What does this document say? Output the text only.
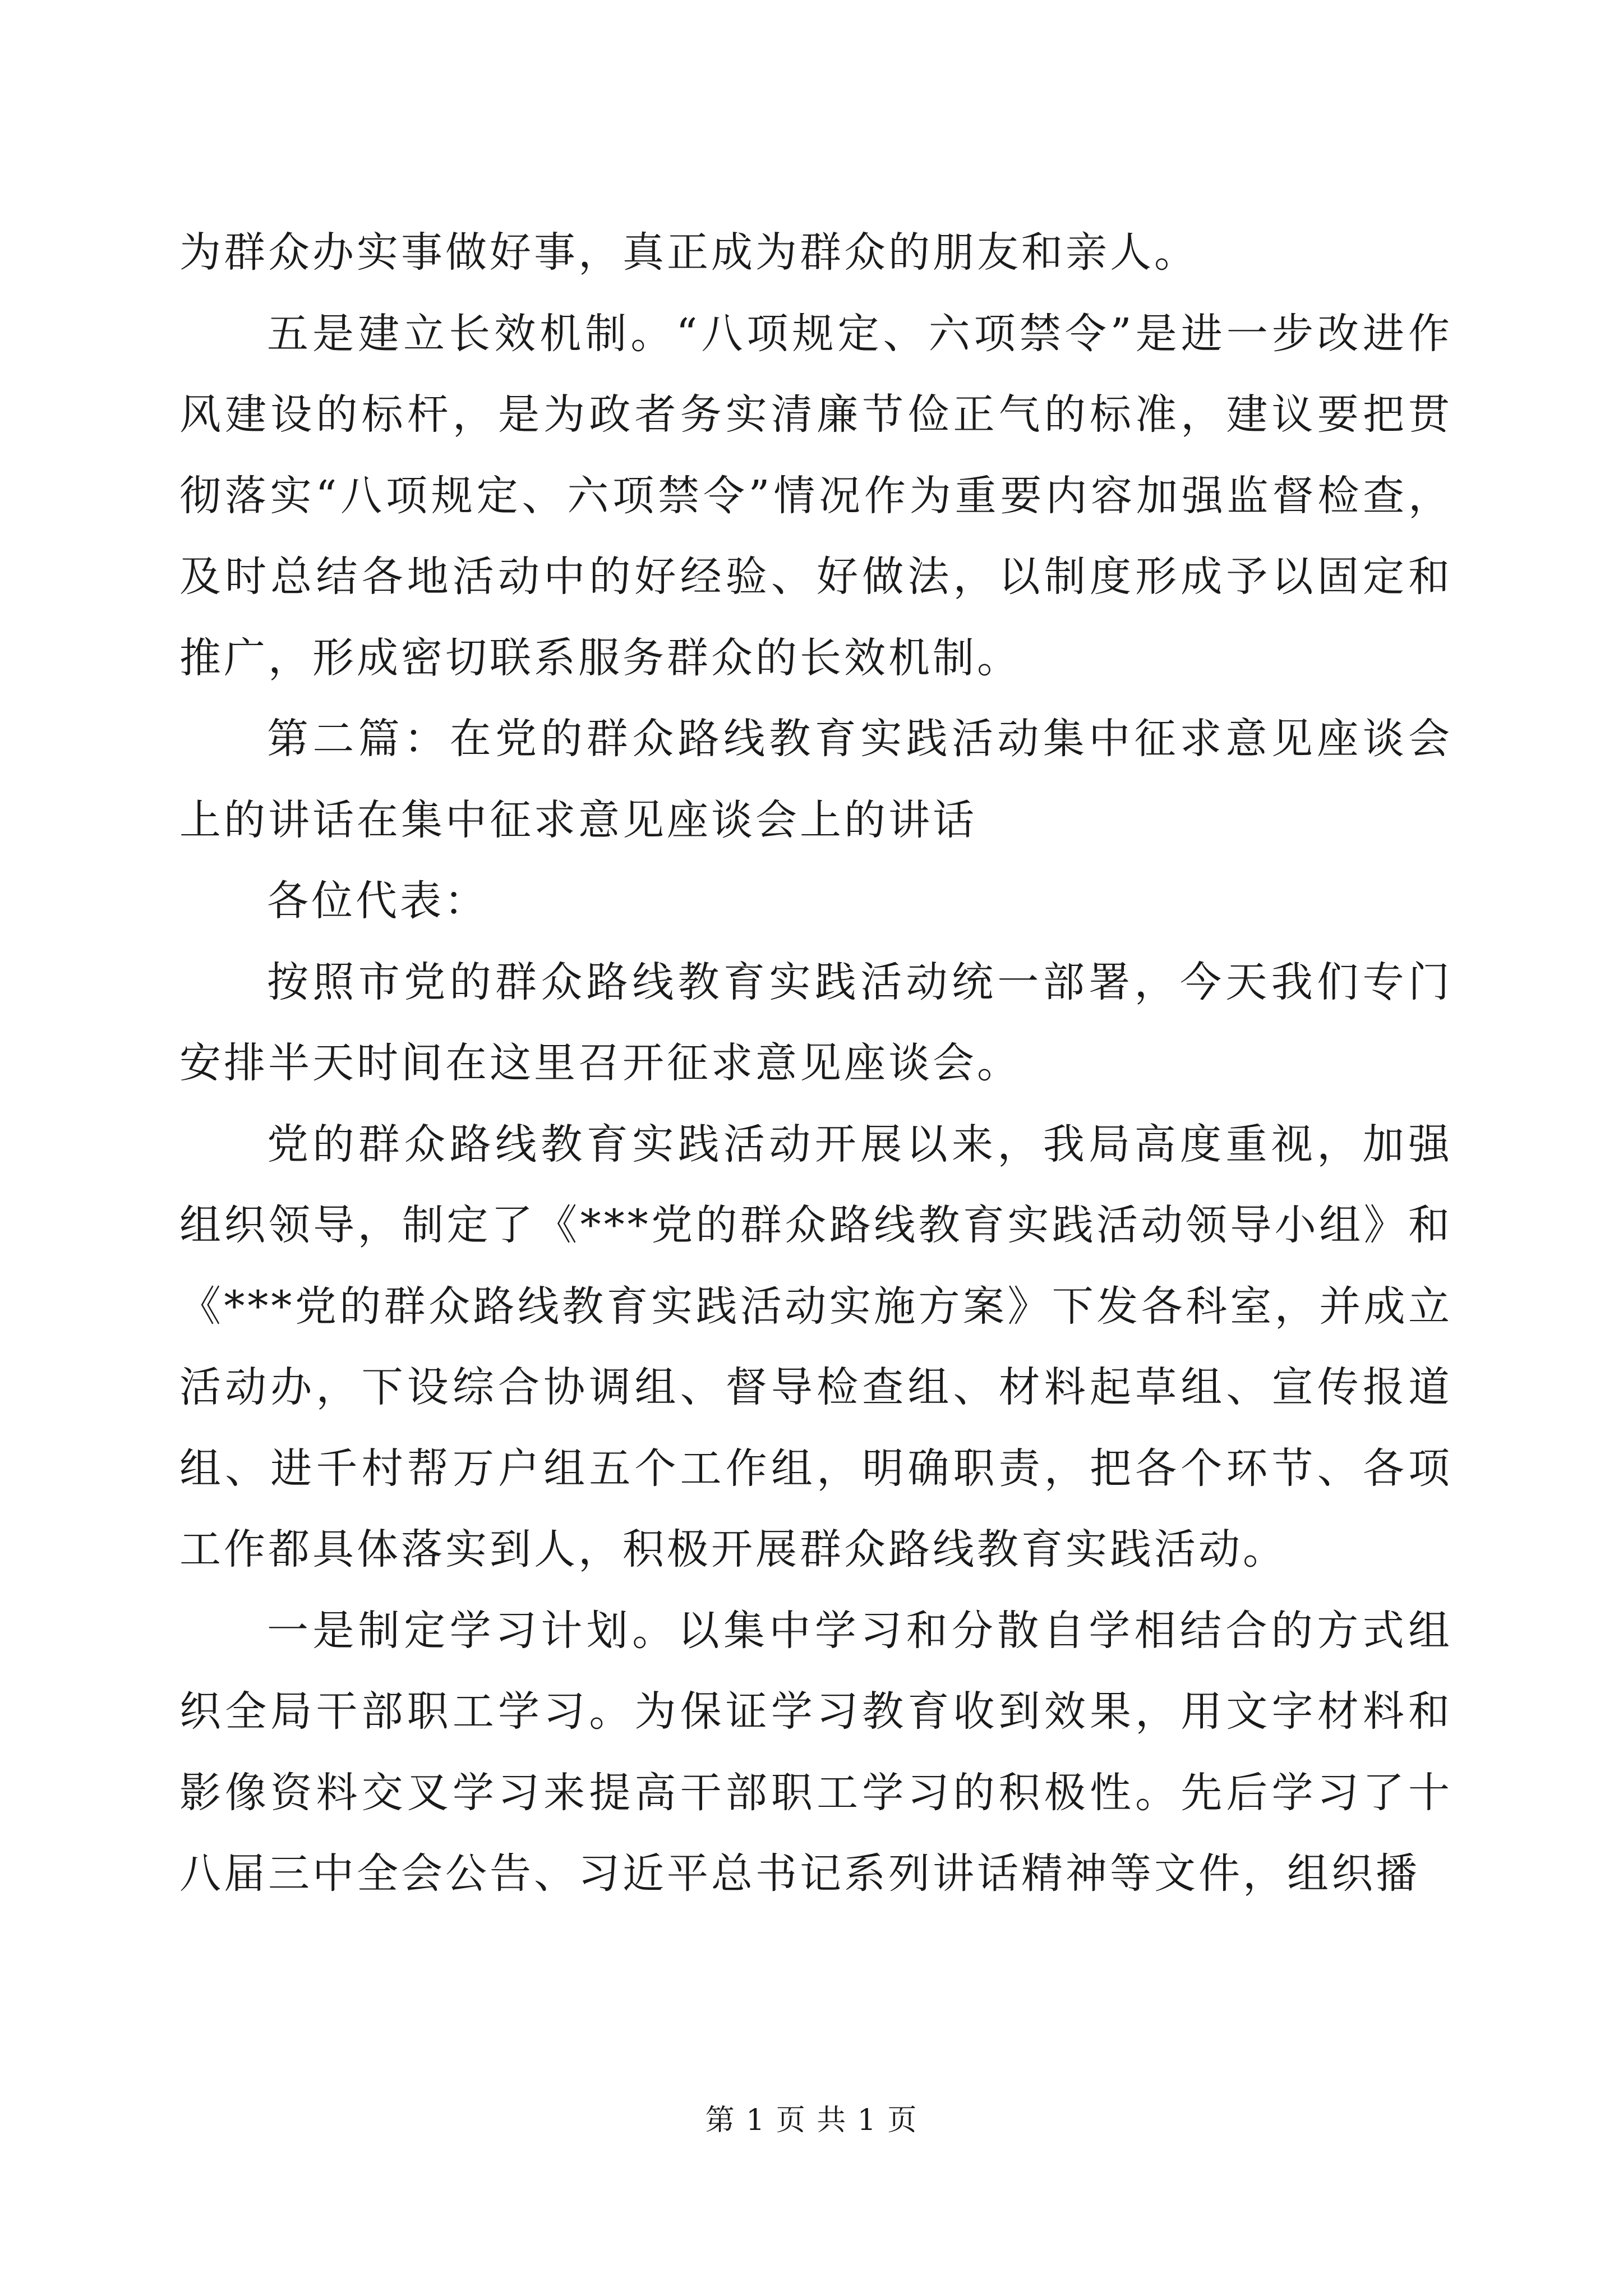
为群众办实事做好事，真正成为群众的朋友和亲人。

五是建立长效机制。“八项规定、六项禁令”是进一步改进作风建设的标杆，是为政者务实清廉节俭正气的标准，建议要把贯彻落实“八项规定、六项禁令”情况作为重要内容加强监督检查，及时总结各地活动中的好经验、好做法，以制度形成予以固定和推广，形成密切联系服务群众的长效机制。

第二篇：在党的群众路线教育实践活动集中征求意见座谈会上的讲话在集中征求意见座谈会上的讲话

各位代表：

按照市党的群众路线教育实践活动统一部署，今天我们专门安排半天时间在这里召开征求意见座谈会。

党的群众路线教育实践活动开展以来，我局高度重视，加强组织领导，制定了《***党的群众路线教育实践活动领导小组》和《***党的群众路线教育实践活动实施方案》下发各科室，并成立活动办，下设综合协调组、督导检查组、材料起草组、宣传报道组、进千村帮万户组五个工作组，明确职责，把各个环节、各项工作都具体落实到人，积极开展群众路线教育实践活动。

一是制定学习计划。以集中学习和分散自学相结合的方式组织全局干部职工学习。为保证学习教育收到效果，用文字材料和影像资料交叉学习来提高干部职工学习的积极性。先后学习了十八届三中全会公告、习近平总书记系列讲话精神等文件，组织播

第 1 页 共 1 页
